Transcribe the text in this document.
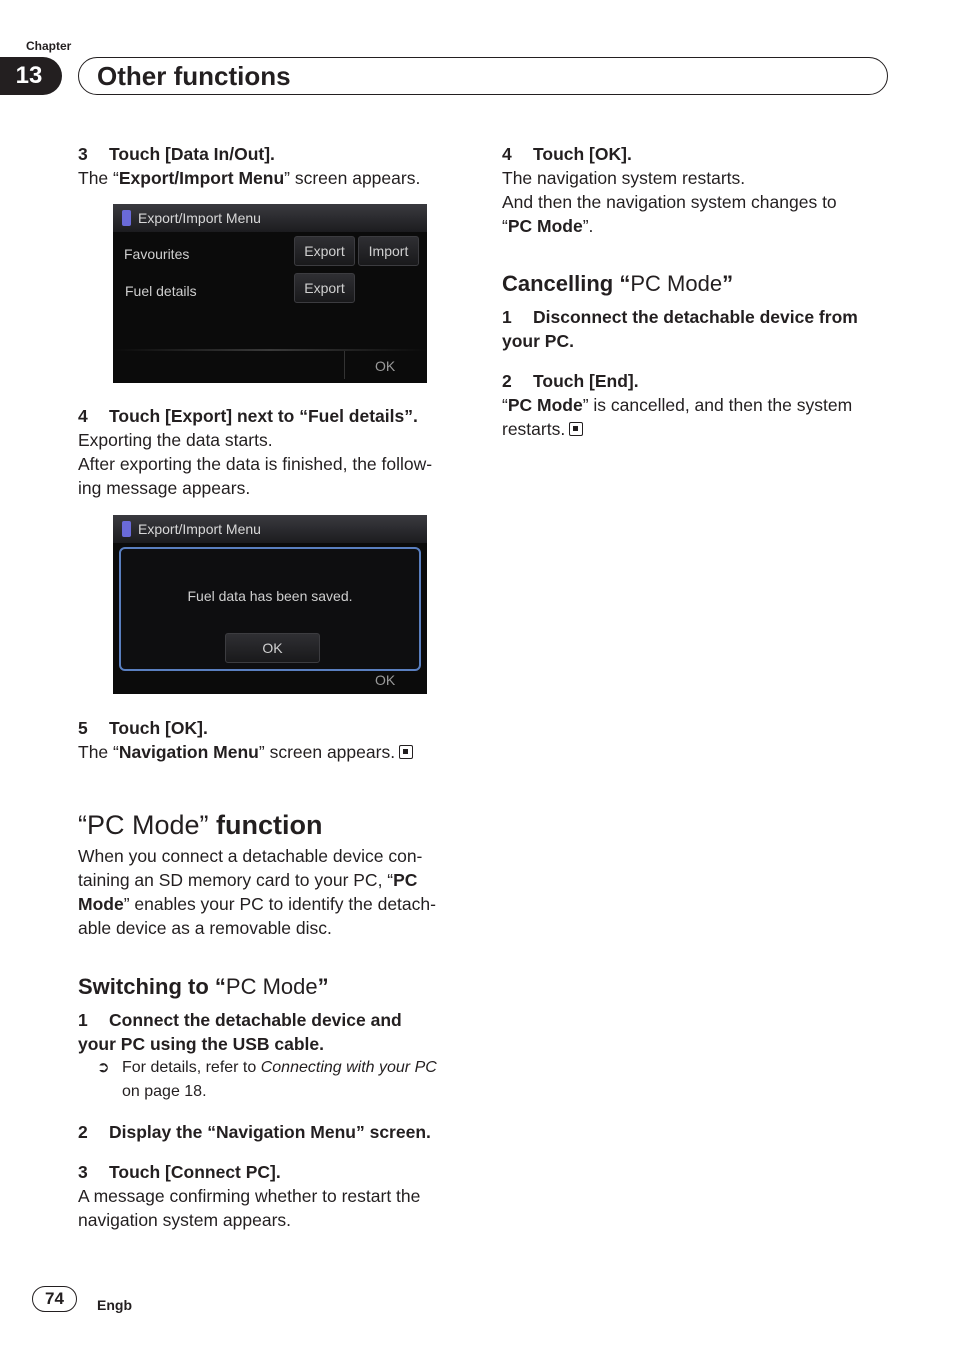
Chapter
13	Other functions

3 Touch [Data In/Out].

The “Export/Import Menu” screen appears.

Export/Import Menu
Favourites	Export	Import
Fuel details	Export
OK

4 Touch [Export] next to “Fuel details”.

Exporting the data starts.

After exporting the data is finished, the follow-

ing message appears.

Export/Import Menu
OK
Fuel data has been saved.
OK

5 Touch [OK].

The “Navigation Menu” screen appears.

“PC Mode” function

When you connect a detachable device con-

taining an SD memory card to your PC, “PC

Mode” enables your PC to identify the detach-

able device as a removable disc.

Switching to “PC Mode”

1 Connect the detachable device and

your PC using the USB cable.

➲ For details, refer to Connecting with your PC
on page 18.

2 Display the “Navigation Menu” screen.

3 Touch [Connect PC].

A message confirming whether to restart the

navigation system appears.

4 Touch [OK].

The navigation system restarts.

And then the navigation system changes to

“PC Mode”.

Cancelling “PC Mode”

1 Disconnect the detachable device from

your PC.

2 Touch [End].

“PC Mode” is cancelled, and then the system

restarts.

74	Engb
